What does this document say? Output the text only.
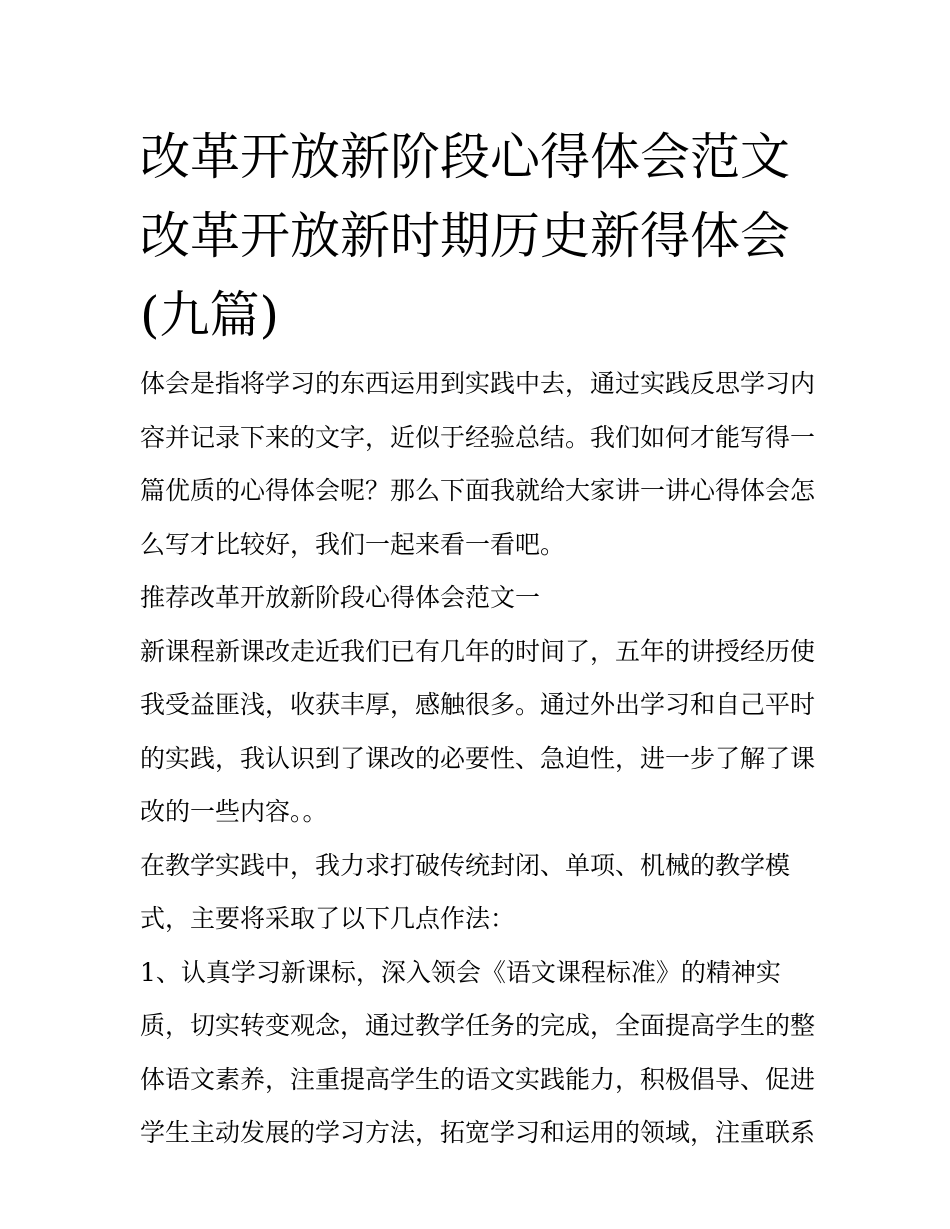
改革开放新阶段心得体会范文
改革开放新时期历史新得体会
(九篇)

体会是指将学习的东西运用到实践中去，通过实践反思学习内
容并记录下来的文字，近似于经验总结。我们如何才能写得一
篇优质的心得体会呢？那么下面我就给大家讲一讲心得体会怎
么写才比较好，我们一起来看一看吧。

推荐改革开放新阶段心得体会范文一

新课程新课改走近我们已有几年的时间了，五年的讲授经历使
我受益匪浅，收获丰厚，感触很多。通过外出学习和自己平时
的实践，我认识到了课改的必要性、急迫性，进一步了解了课
改的一些内容。。

在教学实践中，我力求打破传统封闭、单项、机械的教学模
式，主要将采取了以下几点作法：

1、认真学习新课标，深入领会《语文课程标准》的精神实
质，切实转变观念，通过教学任务的完成，全面提高学生的整
体语文素养，注重提高学生的语文实践能力，积极倡导、促进
学生主动发展的学习方法，拓宽学习和运用的领域，注重联系
